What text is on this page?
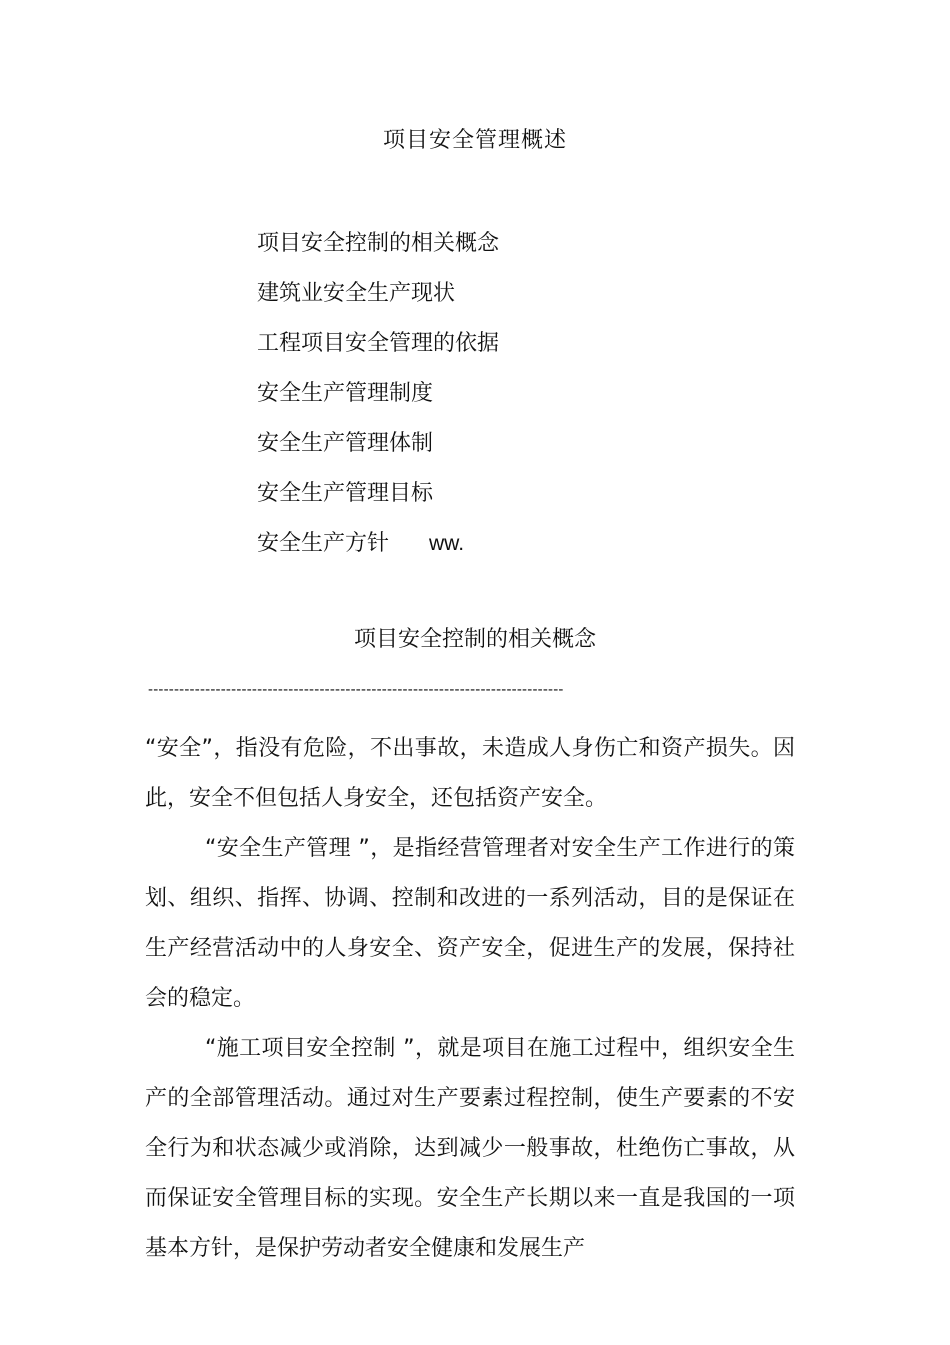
项目安全管理概述
项目安全控制的相关概念
建筑业安全生产现状
工程项目安全管理的依据
安全生产管理制度
安全生产管理体制
安全生产管理目标
安全生产方针 ww.
项目安全控制的相关概念
--------------------------------------------------------------------------------

“安全”，指没有危险，不出事故，未造成人身伤亡和资产损失。因此，安全不但包括人身安全，还包括资产安全。

“安全生产管理 ”，是指经营管理者对安全生产工作进行的策划、组织、指挥、协调、控制和改进的一系列活动，目的是保证在生产经营活动中的人身安全、资产安全，促进生产的发展，保持社会的稳定。

“施工项目安全控制 ”，就是项目在施工过程中，组织安全生产的全部管理活动。通过对生产要素过程控制，使生产要素的不安全行为和状态减少或消除，达到减少一般事故，杜绝伤亡事故，从而保证安全管理目标的实现。安全生产长期以来一直是我国的一项基本方针，是保护劳动者安全健康和发展生产
